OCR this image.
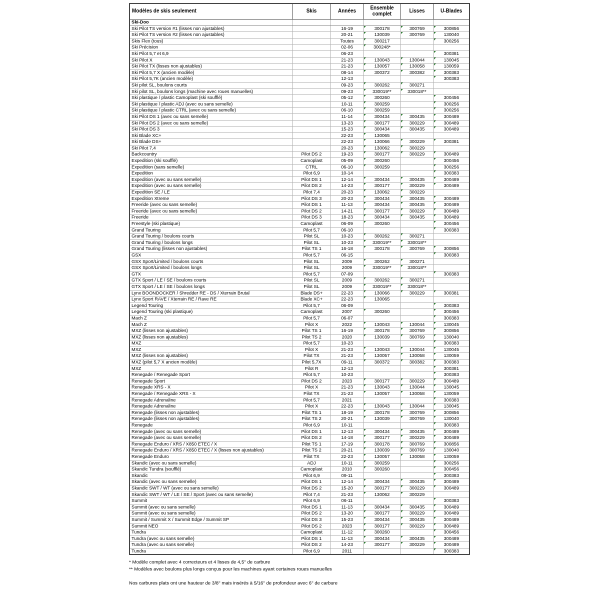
Modèles de skis seulement	Skis	Années	Ensemble complet	Lisses	U-Blades
Ski-Doo					
Ski Pilot TS version #1 (lisses non ajustables)		16-19	300178	300769	300856
Ski Pilot TS version #2 (lisses non ajustables)		20-21	130039	300769	130040
Skis Flex (tous)		Toutes	300217		300256
Ski Précision		02-06	300248*		
Ski Pilot 5,7 et 6,9		06-23			300381
Ski Pilot X		21-23	130043	130044	130045
Ski Pilot TX (lisses non ajustables)		21-23	130057	130058	130059
Ski Pilot 5,7 X (ancien modèle)		08-14	300372	300382	300383
Ski Pilot 5,7K (ancien modèle)		12-13			300383
Ski pilot SL, boulons courts		09-23	300262	300271	
Ski pilot SL, boulons longs (machine avec roues manuelles)		09-23	330019**	330018**	
Ski plastique / plastic Camoplast (ski soufflé)		05-12	300260		300456
Ski plastique / plastic ADJ (avec ou sans semelle)		10-11	300259		300256
Ski plastique / plastic CTRL (avec ou sans semelle)		06-10	300259		300256
Ski Pilot DS 1 (avec ou sans semelle)		11-14	300434	300435	300489
Ski Pilot DS 2 (avec ou sans semelle)		13-23	300177	300229	300489
Ski Pilot DS 3		15-23	300434	300435	300489
Ski Blade XC+		22-23	130065		
Ski Blade DS+		22-23	130066	300229	300381
Ski Pilot 7,4		20-23	130062	300229	
Backcountry	Pilot DS 2	19-23	300177	300229	300489
Expedition (ski soufflé)	Camoplast	05-09	300260		300456
Expedition (sans semelle)	CTRL	06-10	300259		300256
Expedition	Pilot 6,9	10-14			300383
Expedition (avec ou sans semelle)	Pilot DS 1	12-14	300434	300435	300489
Expedition (avec ou sans semelle)	Pilot DS 2	14-23	300177	300229	300489
Expedition SE / LE	Pilot 7,4	20-23	130062	300229	
Expedition Xtreme	Pilot DS 3	20-23	300434	300435	300489
Freeride (avec ou sans semelle)	Pilot DS 1	11-13	300434	300435	300489
Freeride (avec ou sans semelle)	Pilot DS 2	14-21	300177	300229	300489
Freeride	Pilot DS 3	18-23	300434	300435	300489
Freestyle (ski plastique)	Camoplast	06-09	300260		300456
Grand Touring	Pilot 5,7	06-10			300383
Grand Touring / boulons courts	Pilot SL	10-23	300262	300271	
Grand Touring / boulons longs	Pilot SL	10-23	330019**	330018**	
Grand Touring (lisses non ajustables)	Pilot TS 1	16-18	300178	300769	300856
GSX	Pilot 5,7	06-15			300383
GSX Sport/Limited / boulons courts	Pilot SL	2009	300262	300271	
GSX Sport/Limited / boulons longs	Pilot SL	2009	330019**	330018**	
GTX	Pilot 5,7	07-09			300383
GTX Sport / LE / SE / boulons courts	Pilot SL	2009	300262	300271	
GTX Sport / LE / SE / boulons longs	Pilot SL	2009	330019**	330018**	
Lynx BOONDOCKER / Shredder RE - DS / Xterrain Brutal	Blade DS+	22-23	130066	300229	300381
Lynx Sport RAVE / Xterrain RE / Rave RE	Blade XC+	22-23	130065		
Legend Touring	Pilot 5,7	06-09			300383
Legend Touring (ski plastique)	Camoplast	2007	300260		300456
Mach Z	Pilot 5,7	06-07			300383
Mach Z	Pilot X	2022	130043	130044	130045
MXZ (lisses non ajustables)	Pilot TS 1	16-19	300178	300769	300856
MXZ (lisses non ajustables)	Pilot TS 2	2020	130039	300769	130040
MXZ	Pilot 5,7	10-23			300383
MXZ	Pilot X	21-23	130043	130044	130045
MXZ (lisses non ajustables)	Pilot TX	21-23	130057	130058	130059
MXZ (pilot 5,7 X ancien modèle)	Pilot 5,7X	09-11	300372	300382	300383
MXZ	Pilot R	12-13			300381
Renegade / Renegade Sport	Pilot 5,7	10-23			300383
Renegade Sport	Pilot DS 2	2023	300177	300229	300489
Renegade XRS - X	Pilot X	21-23	130043	130044	130045
Renegade / Renegade XRS - X	Pilot TX	21-23	130057	130058	130059
Renegade Adrenaline	Pilot 5,7	2021			300383
Renegade Adrenaline	Pilot X	22-23	130043	130044	130045
Renegade (lisses non ajustables)	Pilot TS 1	18-19	300178	300769	300856
Renegade (lisses non ajustables)	Pilot TS 2	20-21	130039	300769	130040
Renegade	Pilot 6,9	10-11			300383
Renegade (avec ou sans semelle)	Pilot DS 1	12-13	300434	300435	300489
Renegade (avec ou sans semelle)	Pilot DS 2	14-18	300177	300229	300489
Renegade Enduro / XRS / X850 ETEC / X	Pilot TS 1	17-19	300178	300769	300856
Renegade Enduro / XRS / X850 ETEC / X (lisses non ajustables)	Pilot TS 2	20-21	130039	300769	130040
Renegade Enduro	Pilot TX	22-23	130057	130058	130059
Skandic (avec ou sans semelle)	ADJ	10-11	300259		300256
Skandic Tundra (soufflé)	Camoplast	2010	300260		300456
Skandic	Pilot 6,9	09-11			300383
Skandic (avec ou sans semelle)	Pilot DS 1	12-14	300434	300435	300489
Skandic SWT / WT (avec ou sans semelle)	Pilot DS 2	15-20	300177	300229	300489
Skandic SWT / WT / LE / SE / Sport (avec ou sans semelle)	Pilot 7,4	21-23	130062	300229	
Summit	Pilot 6,9	06-11			300383
Summit (avec ou sans semelle)	Pilot DS 1	11-13	300434	300435	300489
Summit (avec ou sans semelle)	Pilot DS 2	13-20	300177	300229	300489
Summit / Summit X / Summit Edge / Summit SP	Pilot DS 3	15-23	300434	300435	300489
Summit NEO	Pilot DS 2	2023	300177	300229	300489
Tundra	Camoplast	11-12	300260		300456
Tundra (avec ou sans semelle)	Pilot DS 1	11-13	300434	300435	300489
Tundra (avec ou sans semelle)	Pilot DS 2	14-23	300177	300229	300489
Tundra	Pilot 6,9	2011			300383
* Modèle complet avec 4 correcteurs et 4 lisses de 4,5" de carbure
** Modèles avec boulons plus longs conçus pour les machines ayant certaines roues manuelles
Nos carbures plats ont une hauteur de 3/8" mais insérés à 5/16" de profondeur avec 6" de carbure
